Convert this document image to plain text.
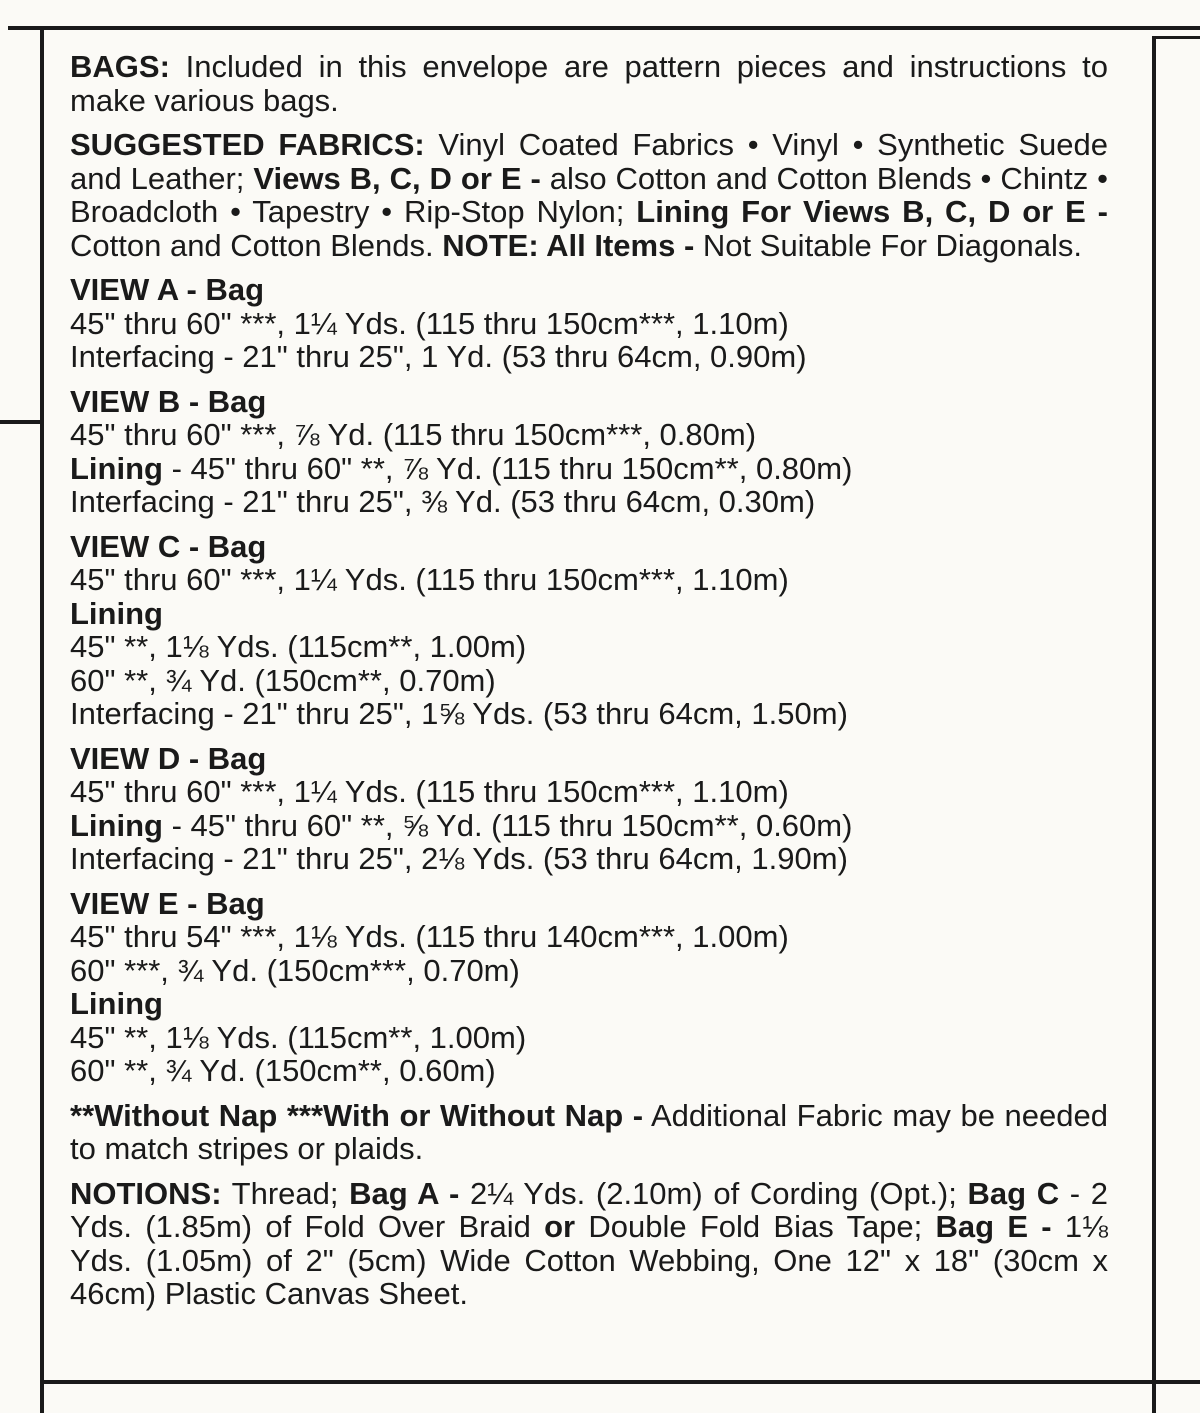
BAGS: Included in this envelope are pattern pieces and instructions to make various bags.

SUGGESTED FABRICS: Vinyl Coated Fabrics • Vinyl • Synthetic Suede and Leather; Views B, C, D or E - also Cotton and Cotton Blends • Chintz • Broadcloth • Tapestry • Rip-Stop Nylon; Lining For Views B, C, D or E - Cotton and Cotton Blends. NOTE: All Items - Not Suitable For Diagonals.

VIEW A - Bag
45" thru 60" ***, 1¼ Yds. (115 thru 150cm***, 1.10m)
Interfacing - 21" thru 25", 1 Yd. (53 thru 64cm, 0.90m)
VIEW B - Bag
45" thru 60" ***, ⅞ Yd. (115 thru 150cm***, 0.80m)
Lining - 45" thru 60" **, ⅞ Yd. (115 thru 150cm**, 0.80m)
Interfacing - 21" thru 25", ⅜ Yd. (53 thru 64cm, 0.30m)
VIEW C - Bag
45" thru 60" ***, 1¼ Yds. (115 thru 150cm***, 1.10m)
Lining
45" **, 1⅛ Yds. (115cm**, 1.00m)
60" **, ¾ Yd. (150cm**, 0.70m)
Interfacing - 21" thru 25", 1⅝ Yds. (53 thru 64cm, 1.50m)
VIEW D - Bag
45" thru 60" ***, 1¼ Yds. (115 thru 150cm***, 1.10m)
Lining - 45" thru 60" **, ⅝ Yd. (115 thru 150cm**, 0.60m)
Interfacing - 21" thru 25", 2⅛ Yds. (53 thru 64cm, 1.90m)
VIEW E - Bag
45" thru 54" ***, 1⅛ Yds. (115 thru 140cm***, 1.00m)
60" ***, ¾ Yd. (150cm***, 0.70m)
Lining
45" **, 1⅛ Yds. (115cm**, 1.00m)
60" **, ¾ Yd. (150cm**, 0.60m)

**Without Nap ***With or Without Nap - Additional Fabric may be needed to match stripes or plaids.

NOTIONS: Thread; Bag A - 2¼ Yds. (2.10m) of Cording (Opt.); Bag C - 2 Yds. (1.85m) of Fold Over Braid or Double Fold Bias Tape; Bag E - 1⅛ Yds. (1.05m) of 2" (5cm) Wide Cotton Webbing, One 12" x 18" (30cm x 46cm) Plastic Canvas Sheet.
